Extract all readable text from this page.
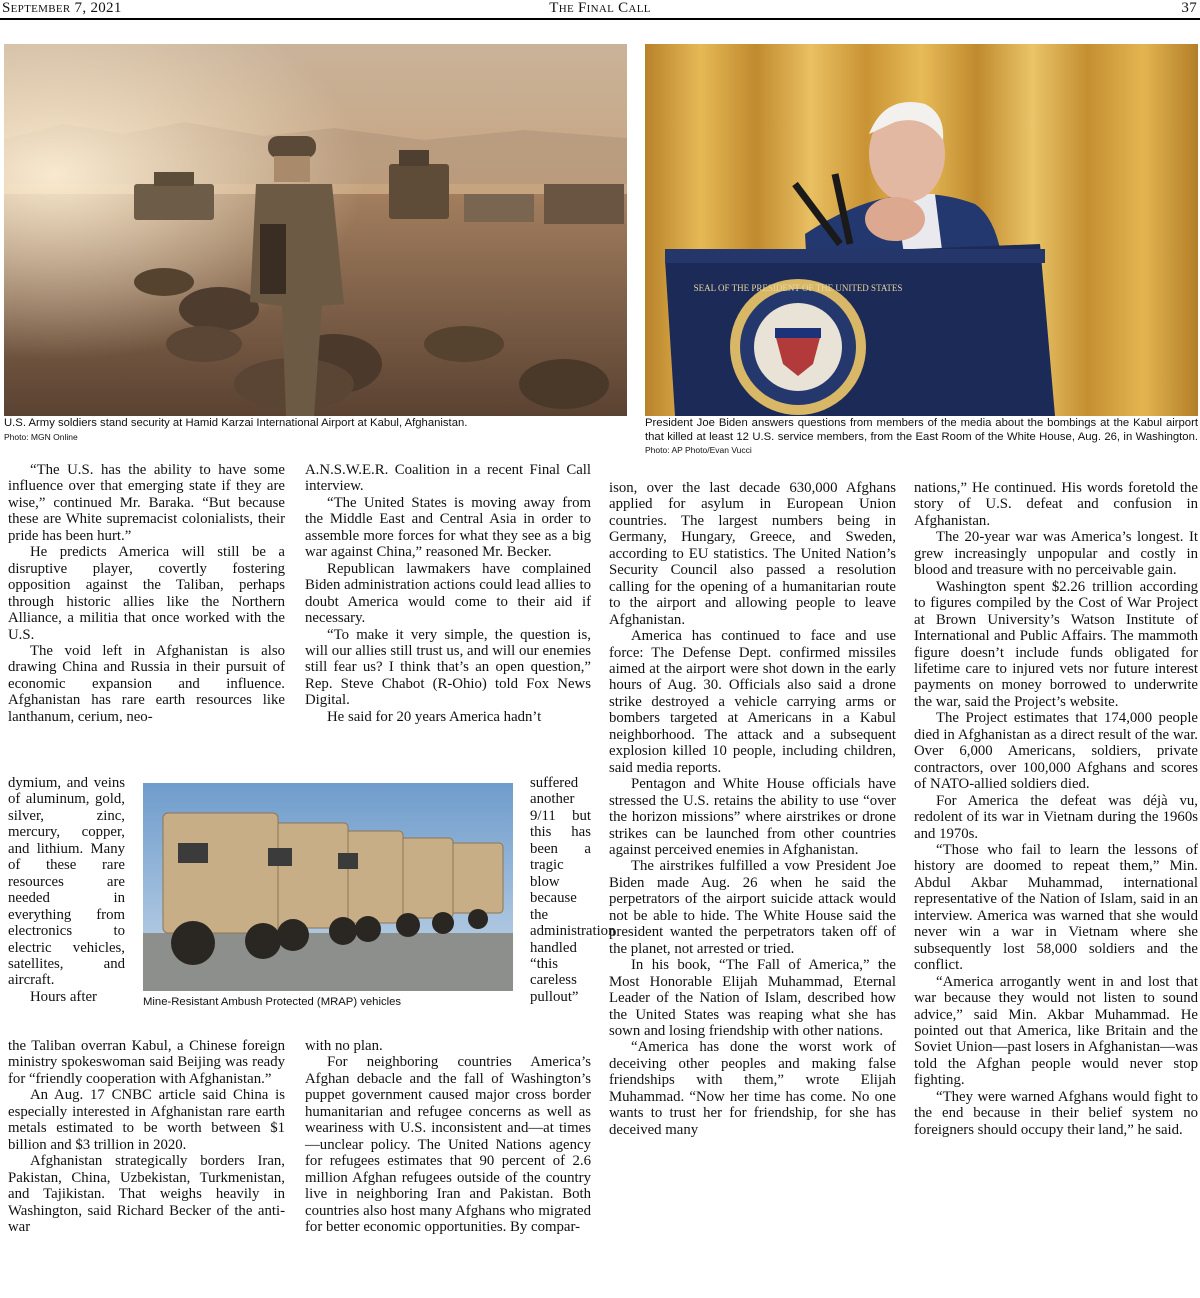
September 7, 2021	The Final Call	37
U.S. Army soldiers stand security at Hamid Karzai International Airport at Kabul, Afghanistan.
Photo: MGN Online
SEAL OF THE PRESIDENT OF THE UNITED STATES
President Joe Biden answers questions from members of the media about the bombings at the Kabul airport that killed at least 12 U.S. service members, from the East Room of the White House, Aug. 26, in Washington. Photo: AP Photo/Evan Vucci
Mine-Resistant Ambush Protected (MRAP) vehicles

“The U.S. has the ability to have some influence over that emerging state if they are wise,” continued Mr. Baraka. “But because these are White supremacist colonialists, their pride has been hurt.”

He predicts America will still be a disruptive player, covertly fostering opposition against the Taliban, perhaps through historic allies like the Northern Alliance, a militia that once worked with the U.S.

The void left in Afghanistan is also drawing China and Russia in their pursuit of economic expansion and influence. Afghanistan has rare earth resources like lanthanum, cerium, neo-

dymium, and veins of aluminum, gold, silver, zinc, mercury, copper, and lithium. Many of these rare resources are needed in everything from electronics to electric vehicles, satellites, and aircraft.

Hours after

the Taliban overran Kabul, a Chinese foreign ministry spokeswoman said Beijing was ready for “friendly cooperation with Afghanistan.”

An Aug. 17 CNBC article said China is especially interested in Afghanistan rare earth metals estimated to be worth between $1 billion and $3 trillion in 2020.

Afghanistan strategically borders Iran, Pakistan, China, Uzbekistan, Turkmenistan, and Tajikistan. That weighs heavily in Washington, said Richard Becker of the anti-war

A.N.S.W.E.R. Coalition in a recent Final Call interview.

“The United States is moving away from the Middle East and Central Asia in order to assemble more forces for what they see as a big war against China,” reasoned Mr. Becker.

Republican lawmakers have complained Biden administration actions could lead allies to doubt America would come to their aid if necessary.

“To make it very simple, the question is, will our allies still trust us, and will our enemies still fear us? I think that’s an open question,” Rep. Steve Chabot (R-Ohio) told Fox News Digital.

He said for 20 years America hadn’t

suffered another 9/11 but this has been a tragic blow because the administration handled “this careless pullout”

with no plan.

For neighboring countries America’s Afghan debacle and the fall of Washington’s puppet government caused major cross border humanitarian and refugee concerns as well as weariness with U.S. inconsistent and—at times—unclear policy. The United Nations agency for refugees estimates that 90 percent of 2.6 million Afghan refugees outside of the country live in neighboring Iran and Pakistan. Both countries also host many Afghans who migrated for better economic opportunities. By compar-

ison, over the last decade 630,000 Afghans applied for asylum in European Union countries. The largest numbers being in Germany, Hungary, Greece, and Sweden, according to EU statistics. The United Nation’s Security Council also passed a resolution calling for the opening of a humanitarian route to the airport and allowing people to leave Afghanistan.

America has continued to face and use force: The Defense Dept. confirmed missiles aimed at the airport were shot down in the early hours of Aug. 30. Officials also said a drone strike destroyed a vehicle carrying arms or bombers targeted at Americans in a Kabul neighborhood. The attack and a subsequent explosion killed 10 people, including children, said media reports.

Pentagon and White House officials have stressed the U.S. retains the ability to use “over the horizon missions” where airstrikes or drone strikes can be launched from other countries against perceived enemies in Afghanistan.

The airstrikes fulfilled a vow President Joe Biden made Aug. 26 when he said the perpetrators of the airport suicide attack would not be able to hide. The White House said the president wanted the perpetrators taken off of the planet, not arrested or tried.

In his book, “The Fall of America,” the Most Honorable Elijah Muhammad, Eternal Leader of the Nation of Islam, described how the United States was reaping what she has sown and losing friendship with other nations.

“America has done the worst work of deceiving other peoples and making false friendships with them,” wrote Elijah Muhammad. “Now her time has come. No one wants to trust her for friendship, for she has deceived many

nations,” He continued. His words foretold the story of U.S. defeat and confusion in Afghanistan.

The 20-year war was America’s longest. It grew increasingly unpopular and costly in blood and treasure with no perceivable gain.

Washington spent $2.26 trillion according to figures compiled by the Cost of War Project at Brown University’s Watson Institute of International and Public Affairs. The mammoth figure doesn’t include funds obligated for lifetime care to injured vets nor future interest payments on money borrowed to underwrite the war, said the Project’s website.

The Project estimates that 174,000 people died in Afghanistan as a direct result of the war. Over 6,000 Americans, soldiers, private contractors, over 100,000 Afghans and scores of NATO-allied soldiers died.

For America the defeat was déjà vu, redolent of its war in Vietnam during the 1960s and 1970s.

“Those who fail to learn the lessons of history are doomed to repeat them,” Min. Abdul Akbar Muhammad, international representative of the Nation of Islam, said in an interview. America was warned that she would never win a war in Vietnam where she subsequently lost 58,000 soldiers and the conflict.

“America arrogantly went in and lost that war because they would not listen to sound advice,” said Min. Akbar Muhammad. He pointed out that America, like Britain and the Soviet Union—past losers in Afghanistan—was told the Afghan people would never stop fighting.

“They were warned Afghans would fight to the end because in their belief system no foreigners should occupy their land,” he said.
